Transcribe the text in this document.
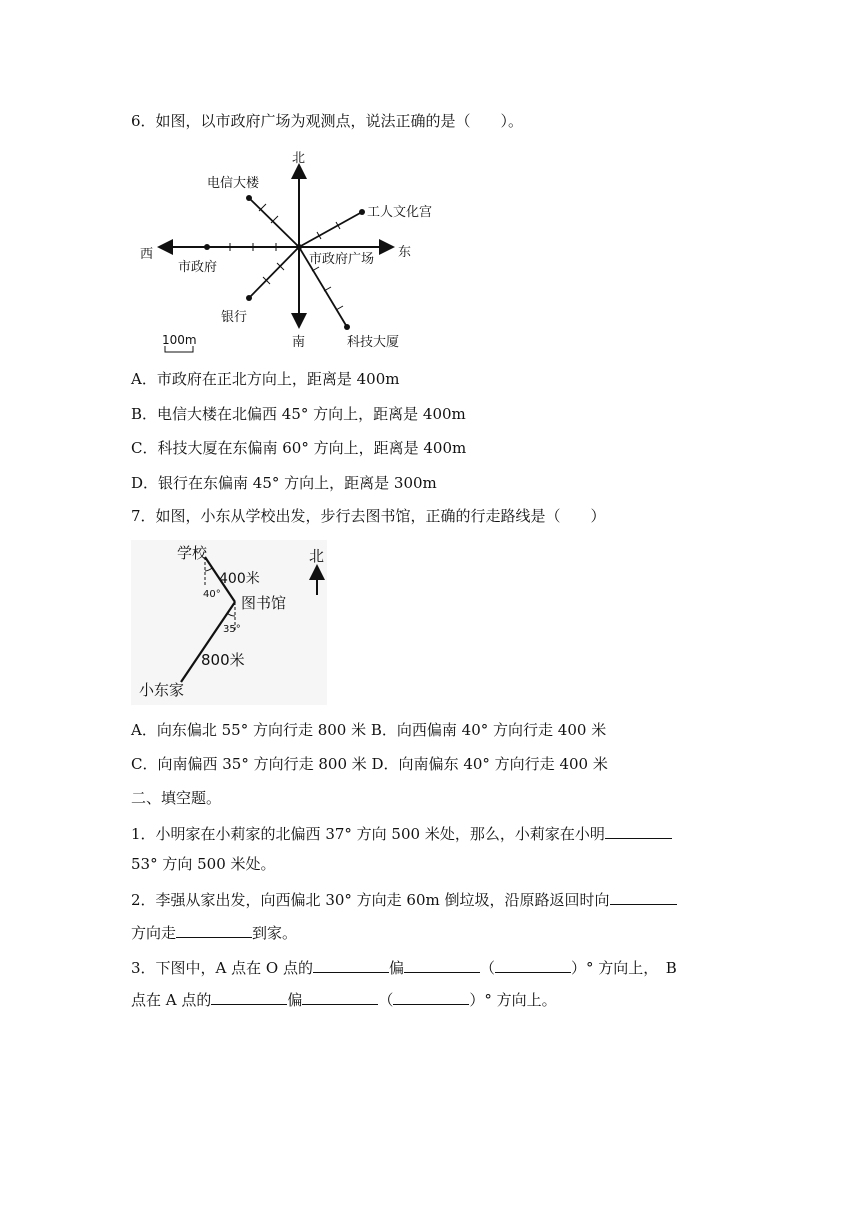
6．如图，以市政府广场为观测点，说法正确的是（　　）。
北
南
东
西
电信大楼
工人文化宫
市政府
市政府广场
银行
科技大厦
100m
A．市政府在正北方向上，距离是 400m
B．电信大楼在北偏西 45° 方向上，距离是 400m
C．科技大厦在东偏南 60° 方向上，距离是 400m
D．银行在东偏南 45° 方向上，距离是 300m
7．如图，小东从学校出发，步行去图书馆，正确的行走路线是（　　）
学校
400米
40° 图书馆
35°
800米
小东家
北
A．向东偏北 55° 方向行走 800 米 B．向西偏南 40° 方向行走 400 米
C．向南偏西 35° 方向行走 800 米 D．向南偏东 40° 方向行走 400 米
二、填空题。
1．小明家在小莉家的北偏西 37° 方向 500 米处，那么，小莉家在小明
53° 方向 500 米处。
2．李强从家出发，向西偏北 30° 方向走 60m 倒垃圾，沿原路返回时向
方向走	到家。
3．下图中，A 点在 O 点的	偏	（	）° 方向上，　B
点在 A 点的	偏	（	）° 方向上。
